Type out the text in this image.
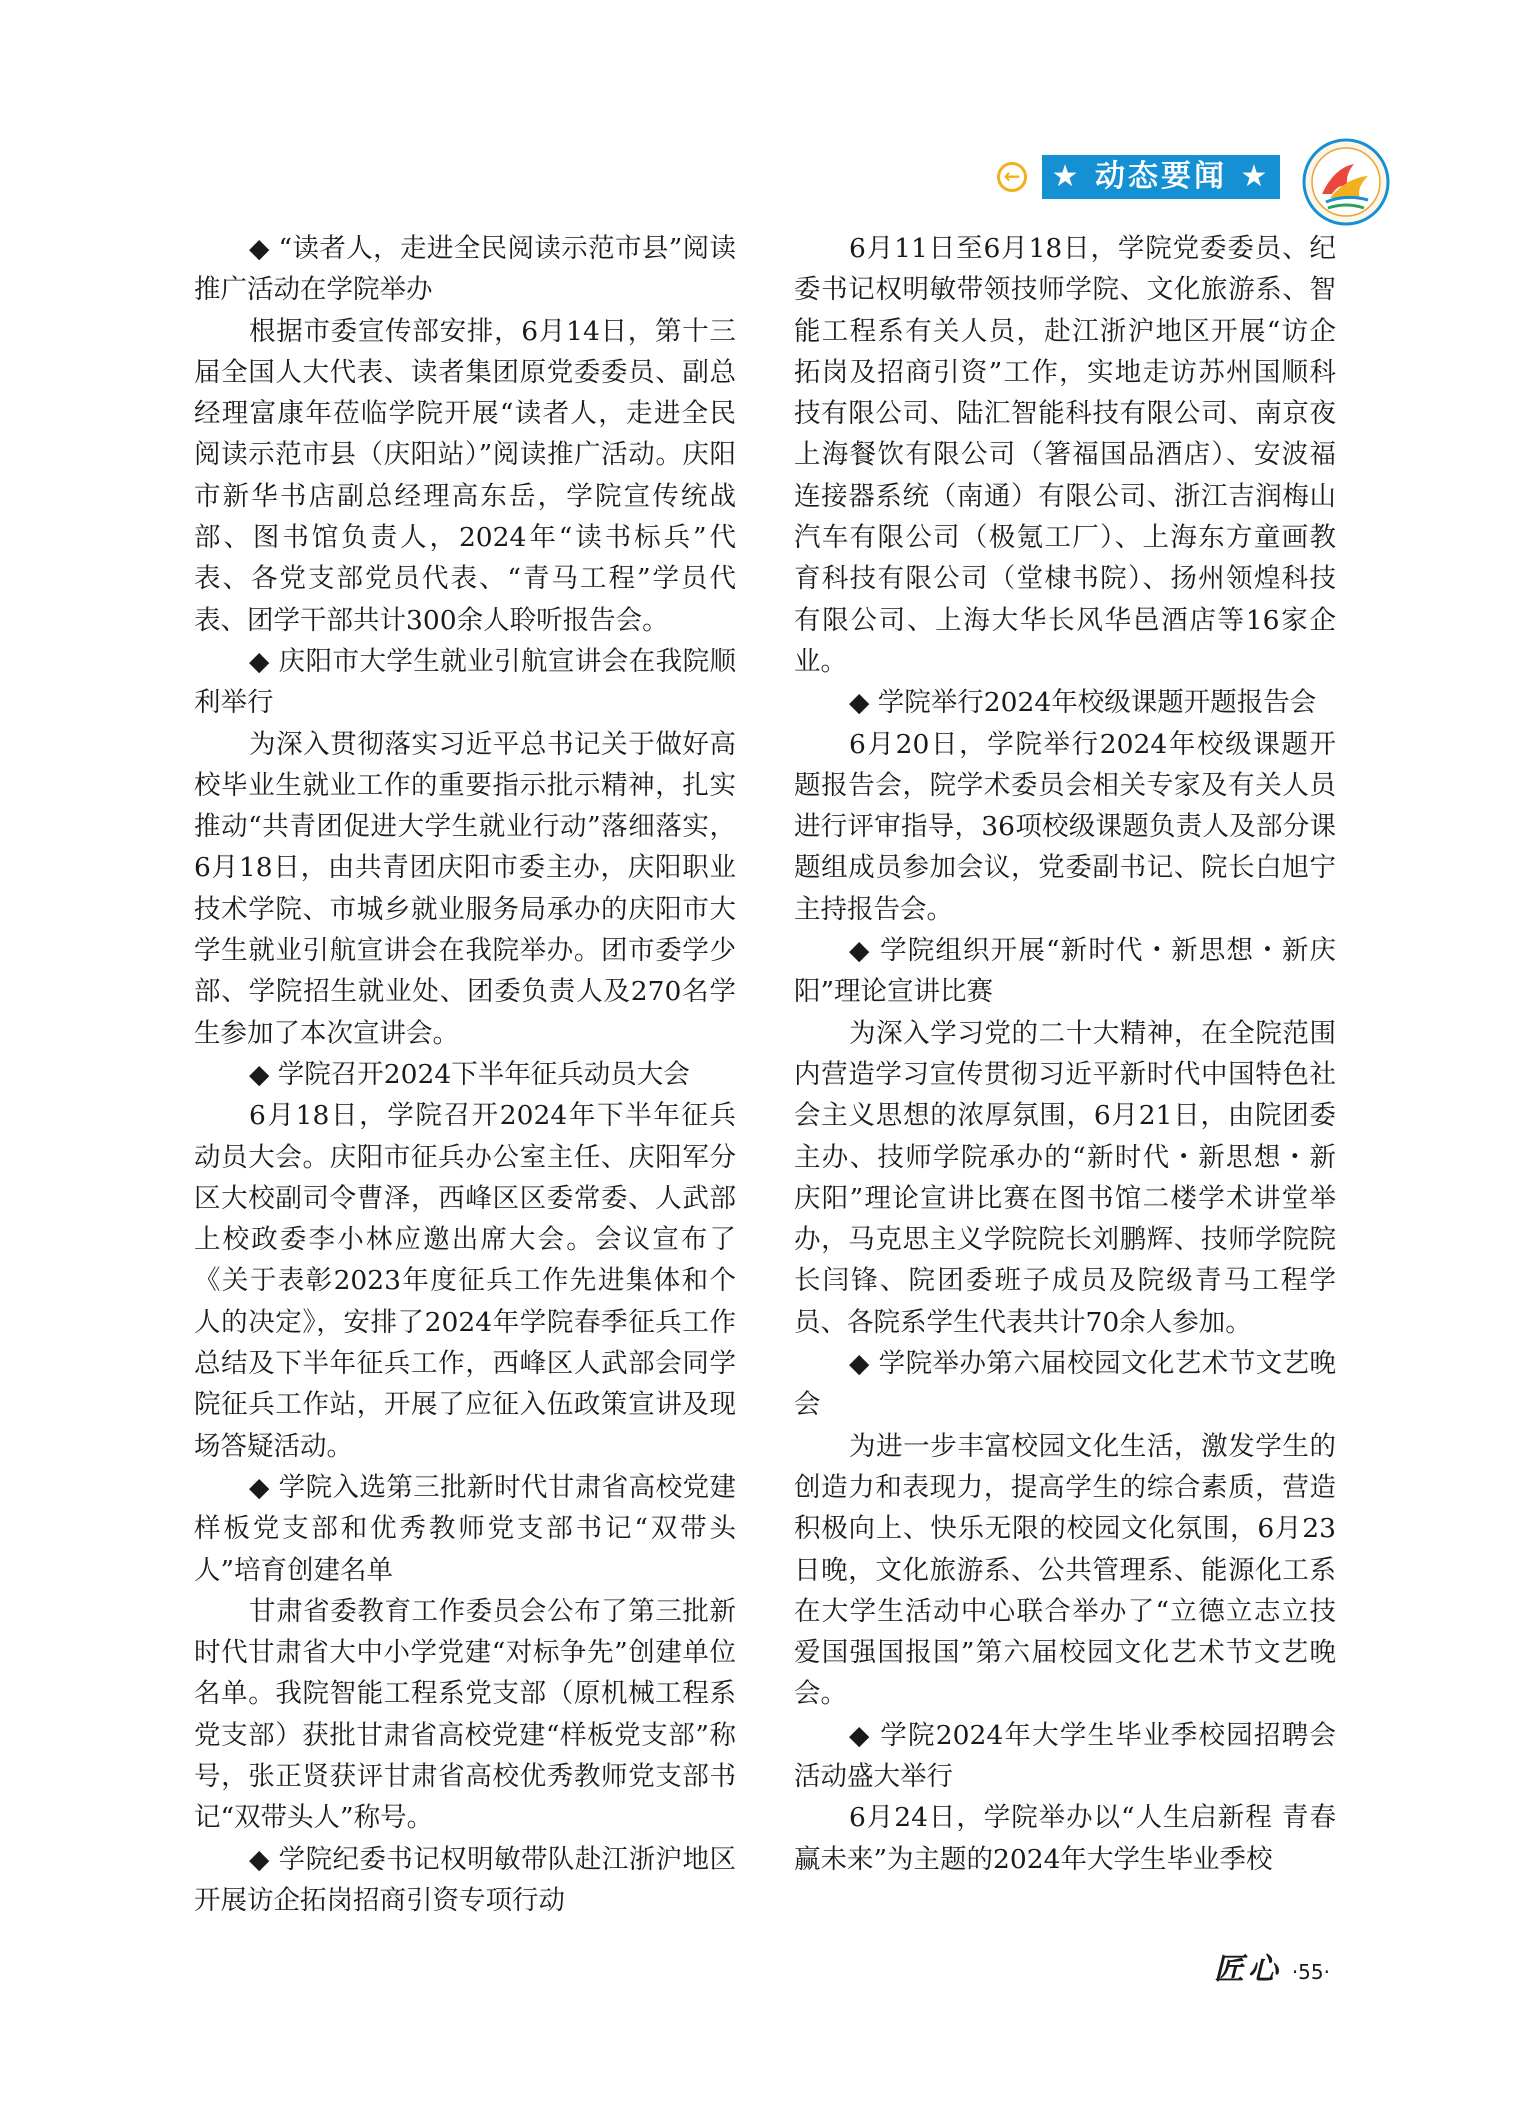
←	★ 动态要闻 ★

◆ “读者人，走进全民阅读示范市县”阅读推广活动在学院举办

根据市委宣传部安排，6月14日，第十三届全国人大代表、读者集团原党委委员、副总经理富康年莅临学院开展“读者人，走进全民阅读示范市县（庆阳站）”阅读推广活动。庆阳市新华书店副总经理高东岳，学院宣传统战部、图书馆负责人，2024年“读书标兵”代表、各党支部党员代表、“青马工程”学员代表、团学干部共计300余人聆听报告会。

◆ 庆阳市大学生就业引航宣讲会在我院顺利举行

为深入贯彻落实习近平总书记关于做好高校毕业生就业工作的重要指示批示精神，扎实推动“共青团促进大学生就业行动”落细落实，6月18日，由共青团庆阳市委主办，庆阳职业技术学院、市城乡就业服务局承办的庆阳市大学生就业引航宣讲会在我院举办。团市委学少部、学院招生就业处、团委负责人及270名学生参加了本次宣讲会。

◆ 学院召开2024下半年征兵动员大会

6月18日，学院召开2024年下半年征兵动员大会。庆阳市征兵办公室主任、庆阳军分区大校副司令曹泽，西峰区区委常委、人武部上校政委李小林应邀出席大会。会议宣布了《关于表彰2023年度征兵工作先进集体和个人的决定》，安排了2024年学院春季征兵工作总结及下半年征兵工作，西峰区人武部会同学院征兵工作站，开展了应征入伍政策宣讲及现场答疑活动。

◆ 学院入选第三批新时代甘肃省高校党建样板党支部和优秀教师党支部书记“双带头人”培育创建名单

甘肃省委教育工作委员会公布了第三批新时代甘肃省大中小学党建“对标争先”创建单位名单。我院智能工程系党支部（原机械工程系党支部）获批甘肃省高校党建“样板党支部”称号，张正贤获评甘肃省高校优秀教师党支部书记“双带头人”称号。

◆ 学院纪委书记权明敏带队赴江浙沪地区开展访企拓岗招商引资专项行动

6月11日至6月18日，学院党委委员、纪委书记权明敏带领技师学院、文化旅游系、智能工程系有关人员，赴江浙沪地区开展“访企拓岗及招商引资”工作，实地走访苏州国顺科技有限公司、陆汇智能科技有限公司、南京夜上海餐饮有限公司（箸福国品酒店）、安波福连接器系统（南通）有限公司、浙江吉润梅山汽车有限公司（极氪工厂）、上海东方童画教育科技有限公司（堂棣书院）、扬州领煌科技有限公司、上海大华长风华邑酒店等16家企业。

◆ 学院举行2024年校级课题开题报告会

6月20日，学院举行2024年校级课题开题报告会，院学术委员会相关专家及有关人员进行评审指导，36项校级课题负责人及部分课题组成员参加会议，党委副书记、院长白旭宁主持报告会。

◆ 学院组织开展“新时代・新思想・新庆阳”理论宣讲比赛

为深入学习党的二十大精神，在全院范围内营造学习宣传贯彻习近平新时代中国特色社会主义思想的浓厚氛围，6月21日，由院团委主办、技师学院承办的“新时代・新思想・新庆阳”理论宣讲比赛在图书馆二楼学术讲堂举办，马克思主义学院院长刘鹏辉、技师学院院长闫锋、院团委班子成员及院级青马工程学员、各院系学生代表共计70余人参加。

◆ 学院举办第六届校园文化艺术节文艺晚会

为进一步丰富校园文化生活，激发学生的创造力和表现力，提高学生的综合素质，营造积极向上、快乐无限的校园文化氛围，6月23日晚，文化旅游系、公共管理系、能源化工系在大学生活动中心联合举办了“立德立志立技爱国强国报国”第六届校园文化艺术节文艺晚会。

◆ 学院2024年大学生毕业季校园招聘会活动盛大举行

6月24日，学院举办以“人生启新程 青春赢未来”为主题的2024年大学生毕业季校

匠心 ·55·
